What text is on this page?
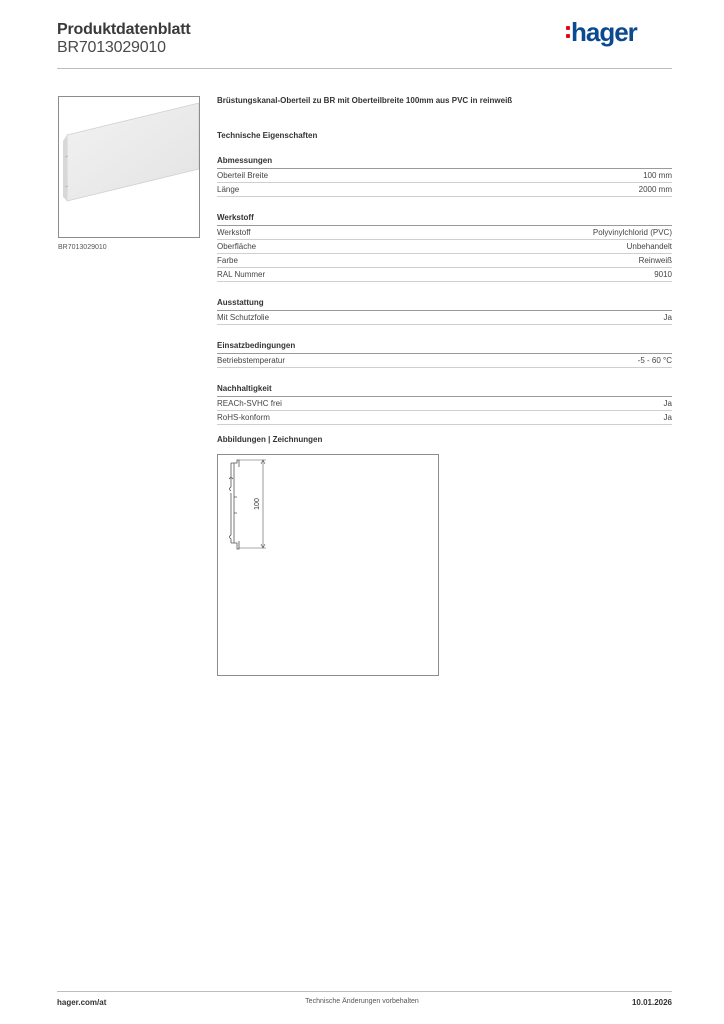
Produktdatenblatt
BR7013029010
hager
BR7013029010
Brüstungskanal-Oberteil zu BR mit Oberteilbreite 100mm aus PVC in reinweiß
Technische Eigenschaften
Abmessungen
Oberteil Breite	100 mm
Länge	2000 mm
Werkstoff
Werkstoff	Polyvinylchlorid (PVC)
Oberfläche	Unbehandelt
Farbe	Reinweiß
RAL Nummer	9010
Ausstattung
Mit Schutzfolie	Ja
Einsatzbedingungen
Betriebstemperatur	-5 - 60 °C
Nachhaltigkeit
REACh-SVHC frei	Ja
RoHS-konform	Ja
Abbildungen | Zeichnungen
100
hager.com/at	Technische Änderungen vorbehalten	10.01.2026
